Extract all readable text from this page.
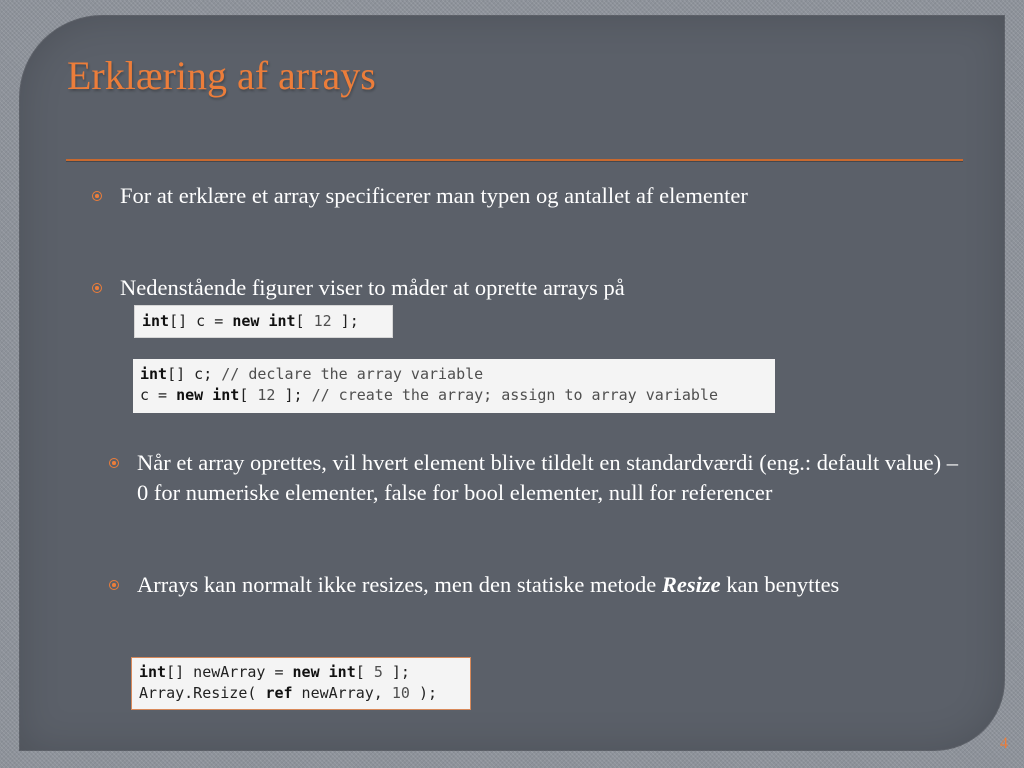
Erklæring af arrays
For at erklære et array specificerer man typen og antallet af elementer
Nedenstående figurer viser to måder at oprette arrays på
int[] c = new int[ 12 ];
int[] c; // declare the array variable
c = new int[ 12 ]; // create the array; assign to array variable
Når et array oprettes, vil hvert element blive tildelt en standardværdi (eng.: default value) – 0 for numeriske elementer, false for bool elementer, null for referencer
Arrays kan normalt ikke resizes, men den statiske metode Resize kan benyttes
int[] newArray = new int[ 5 ];
Array.Resize( ref newArray, 10 );
4
